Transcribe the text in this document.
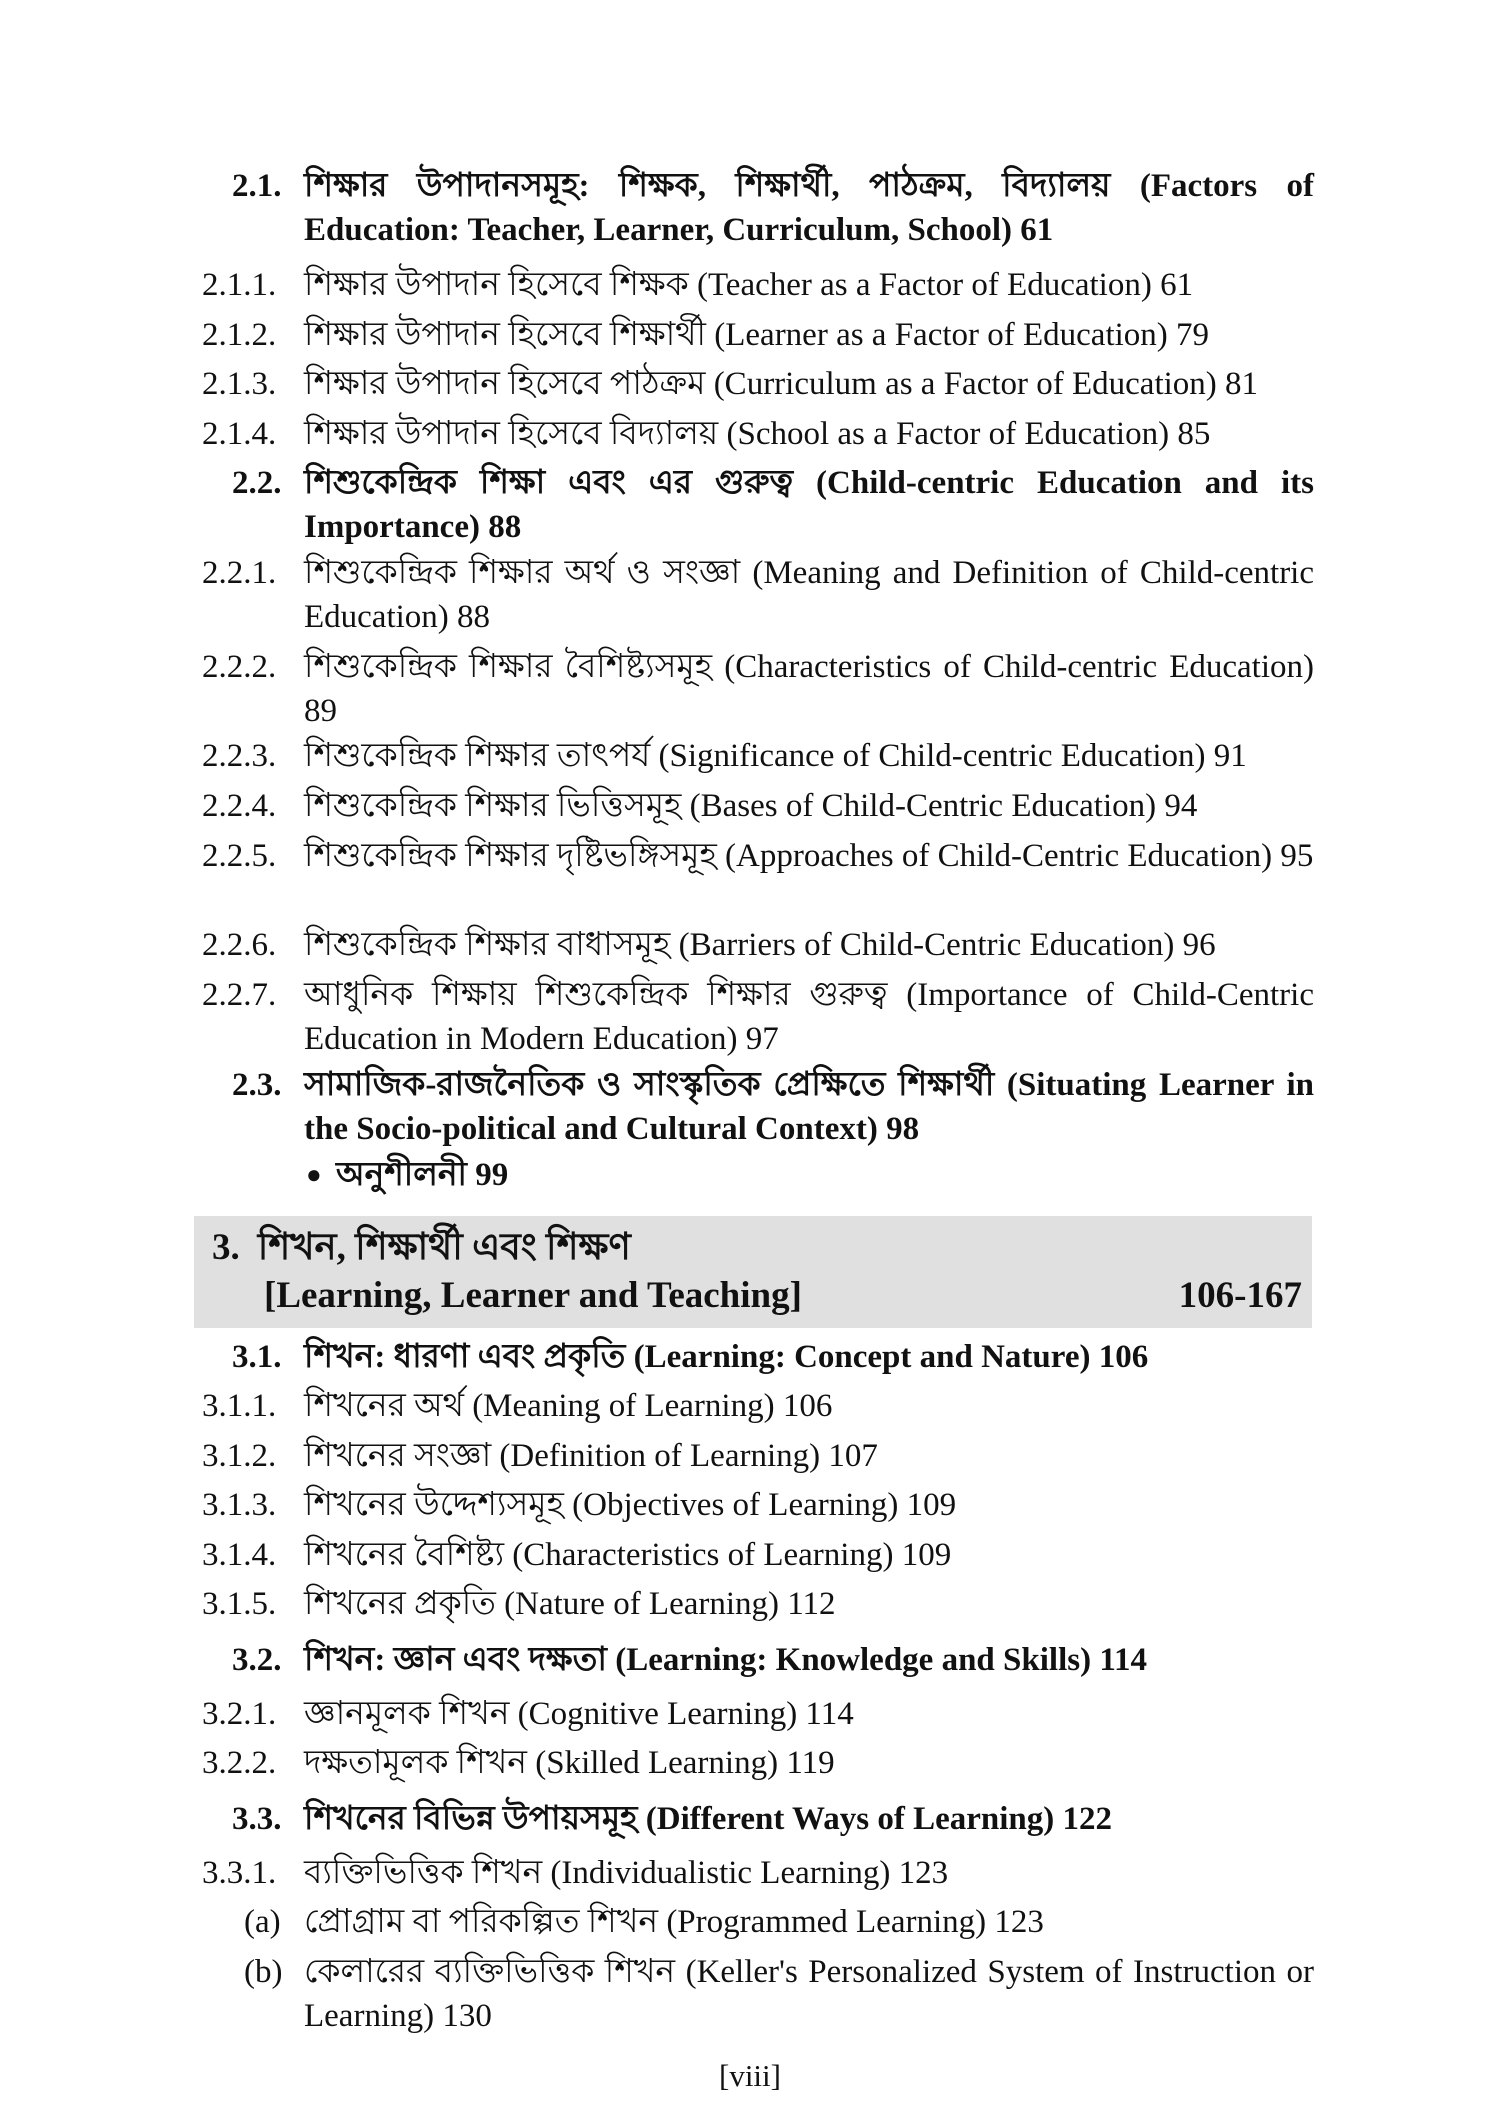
2.1. শিক্ষার উপাদানসমূহ: শিক্ষক, শিক্ষার্থী, পাঠক্রম, বিদ্যালয় (Factors of Education: Teacher, Learner, Curriculum, School) 61
2.1.1. শিক্ষার উপাদান হিসেবে শিক্ষক (Teacher as a Factor of Education) 61
2.1.2. শিক্ষার উপাদান হিসেবে শিক্ষার্থী (Learner as a Factor of Education) 79
2.1.3. শিক্ষার উপাদান হিসেবে পাঠক্রম (Curriculum as a Factor of Education) 81
2.1.4. শিক্ষার উপাদান হিসেবে বিদ্যালয় (School as a Factor of Education) 85
2.2. শিশুকেন্দ্রিক শিক্ষা এবং এর গুরুত্ব (Child-centric Education and its Importance) 88
2.2.1. শিশুকেন্দ্রিক শিক্ষার অর্থ ও সংজ্ঞা (Meaning and Definition of Child-centric Education) 88
2.2.2. শিশুকেন্দ্রিক শিক্ষার বৈশিষ্ট্যসমূহ (Characteristics of Child-centric Education) 89
2.2.3. শিশুকেন্দ্রিক শিক্ষার তাৎপর্য (Significance of Child-centric Education) 91
2.2.4. শিশুকেন্দ্রিক শিক্ষার ভিত্তিসমূহ (Bases of Child-Centric Education) 94
2.2.5. শিশুকেন্দ্রিক শিক্ষার দৃষ্টিভঙ্গিসমূহ (Approaches of Child-Centric Education) 95
2.2.6. শিশুকেন্দ্রিক শিক্ষার বাধাসমূহ (Barriers of Child-Centric Education) 96
2.2.7. আধুনিক শিক্ষায় শিশুকেন্দ্রিক শিক্ষার গুরুত্ব (Importance of Child-Centric Education in Modern Education) 97
2.3. সামাজিক-রাজনৈতিক ও সাংস্কৃতিক প্রেক্ষিতে শিক্ষার্থী (Situating Learner in the Socio-political and Cultural Context) 98
● অনুশীলনী 99
3.1. শিখন: ধারণা এবং প্রকৃতি (Learning: Concept and Nature) 106
3.1.1. শিখনের অর্থ (Meaning of Learning) 106
3.1.2. শিখনের সংজ্ঞা (Definition of Learning) 107
3.1.3. শিখনের উদ্দেশ্যসমূহ (Objectives of Learning) 109
3.1.4. শিখনের বৈশিষ্ট্য (Characteristics of Learning) 109
3.1.5. শিখনের প্রকৃতি (Nature of Learning) 112
3.2. শিখন: জ্ঞান এবং দক্ষতা (Learning: Knowledge and Skills) 114
3.2.1. জ্ঞানমূলক শিখন (Cognitive Learning) 114
3.2.2. দক্ষতামূলক শিখন (Skilled Learning) 119
3.3. শিখনের বিভিন্ন উপায়সমূহ (Different Ways of Learning) 122
3.3.1. ব্যক্তিভিত্তিক শিখন (Individualistic Learning) 123
(a) প্রোগ্রাম বা পরিকল্পিত শিখন (Programmed Learning) 123
(b) কেলারের ব্যক্তিভিত্তিক শিখন (Keller's Personalized System of Instruction or Learning) 130
3. শিখন, শিক্ষার্থী এবং শিক্ষণ
[Learning, Learner and Teaching]	106-167
[viii]
